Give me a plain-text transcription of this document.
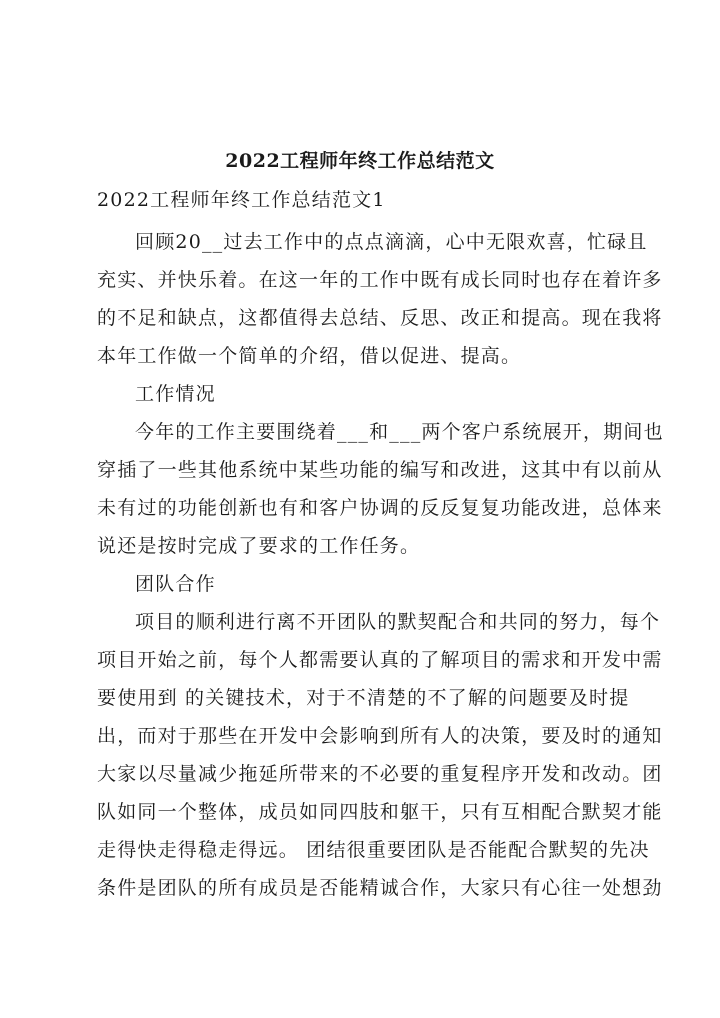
2022工程师年终工作总结范文
2022工程师年终工作总结范文1
回顾20__过去工作中的点点滴滴，心中无限欢喜，忙碌且
充实、并快乐着。在这一年的工作中既有成长同时也存在着许多
的不足和缺点，这都值得去总结、反思、改正和提高。现在我将
本年工作做一个简单的介绍，借以促进、提高。
工作情况
今年的工作主要围绕着___和___两个客户系统展开，期间也
穿插了一些其他系统中某些功能的编写和改进，这其中有以前从
未有过的功能创新也有和客户协调的反反复复功能改进，总体来
说还是按时完成了要求的工作任务。
团队合作
项目的顺利进行离不开团队的默契配合和共同的努力，每个
项目开始之前，每个人都需要认真的了解项目的需求和开发中需
要使用到 的关键技术，对于不清楚的不了解的问题要及时提
出，而对于那些在开发中会影响到所有人的决策，要及时的通知
大家以尽量减少拖延所带来的不必要的重复程序开发和改动。团
队如同一个整体，成员如同四肢和躯干，只有互相配合默契才能
走得快走得稳走得远。 团结很重要团队是否能配合默契的先决
条件是团队的所有成员是否能精诚合作，大家只有心往一处想劲
